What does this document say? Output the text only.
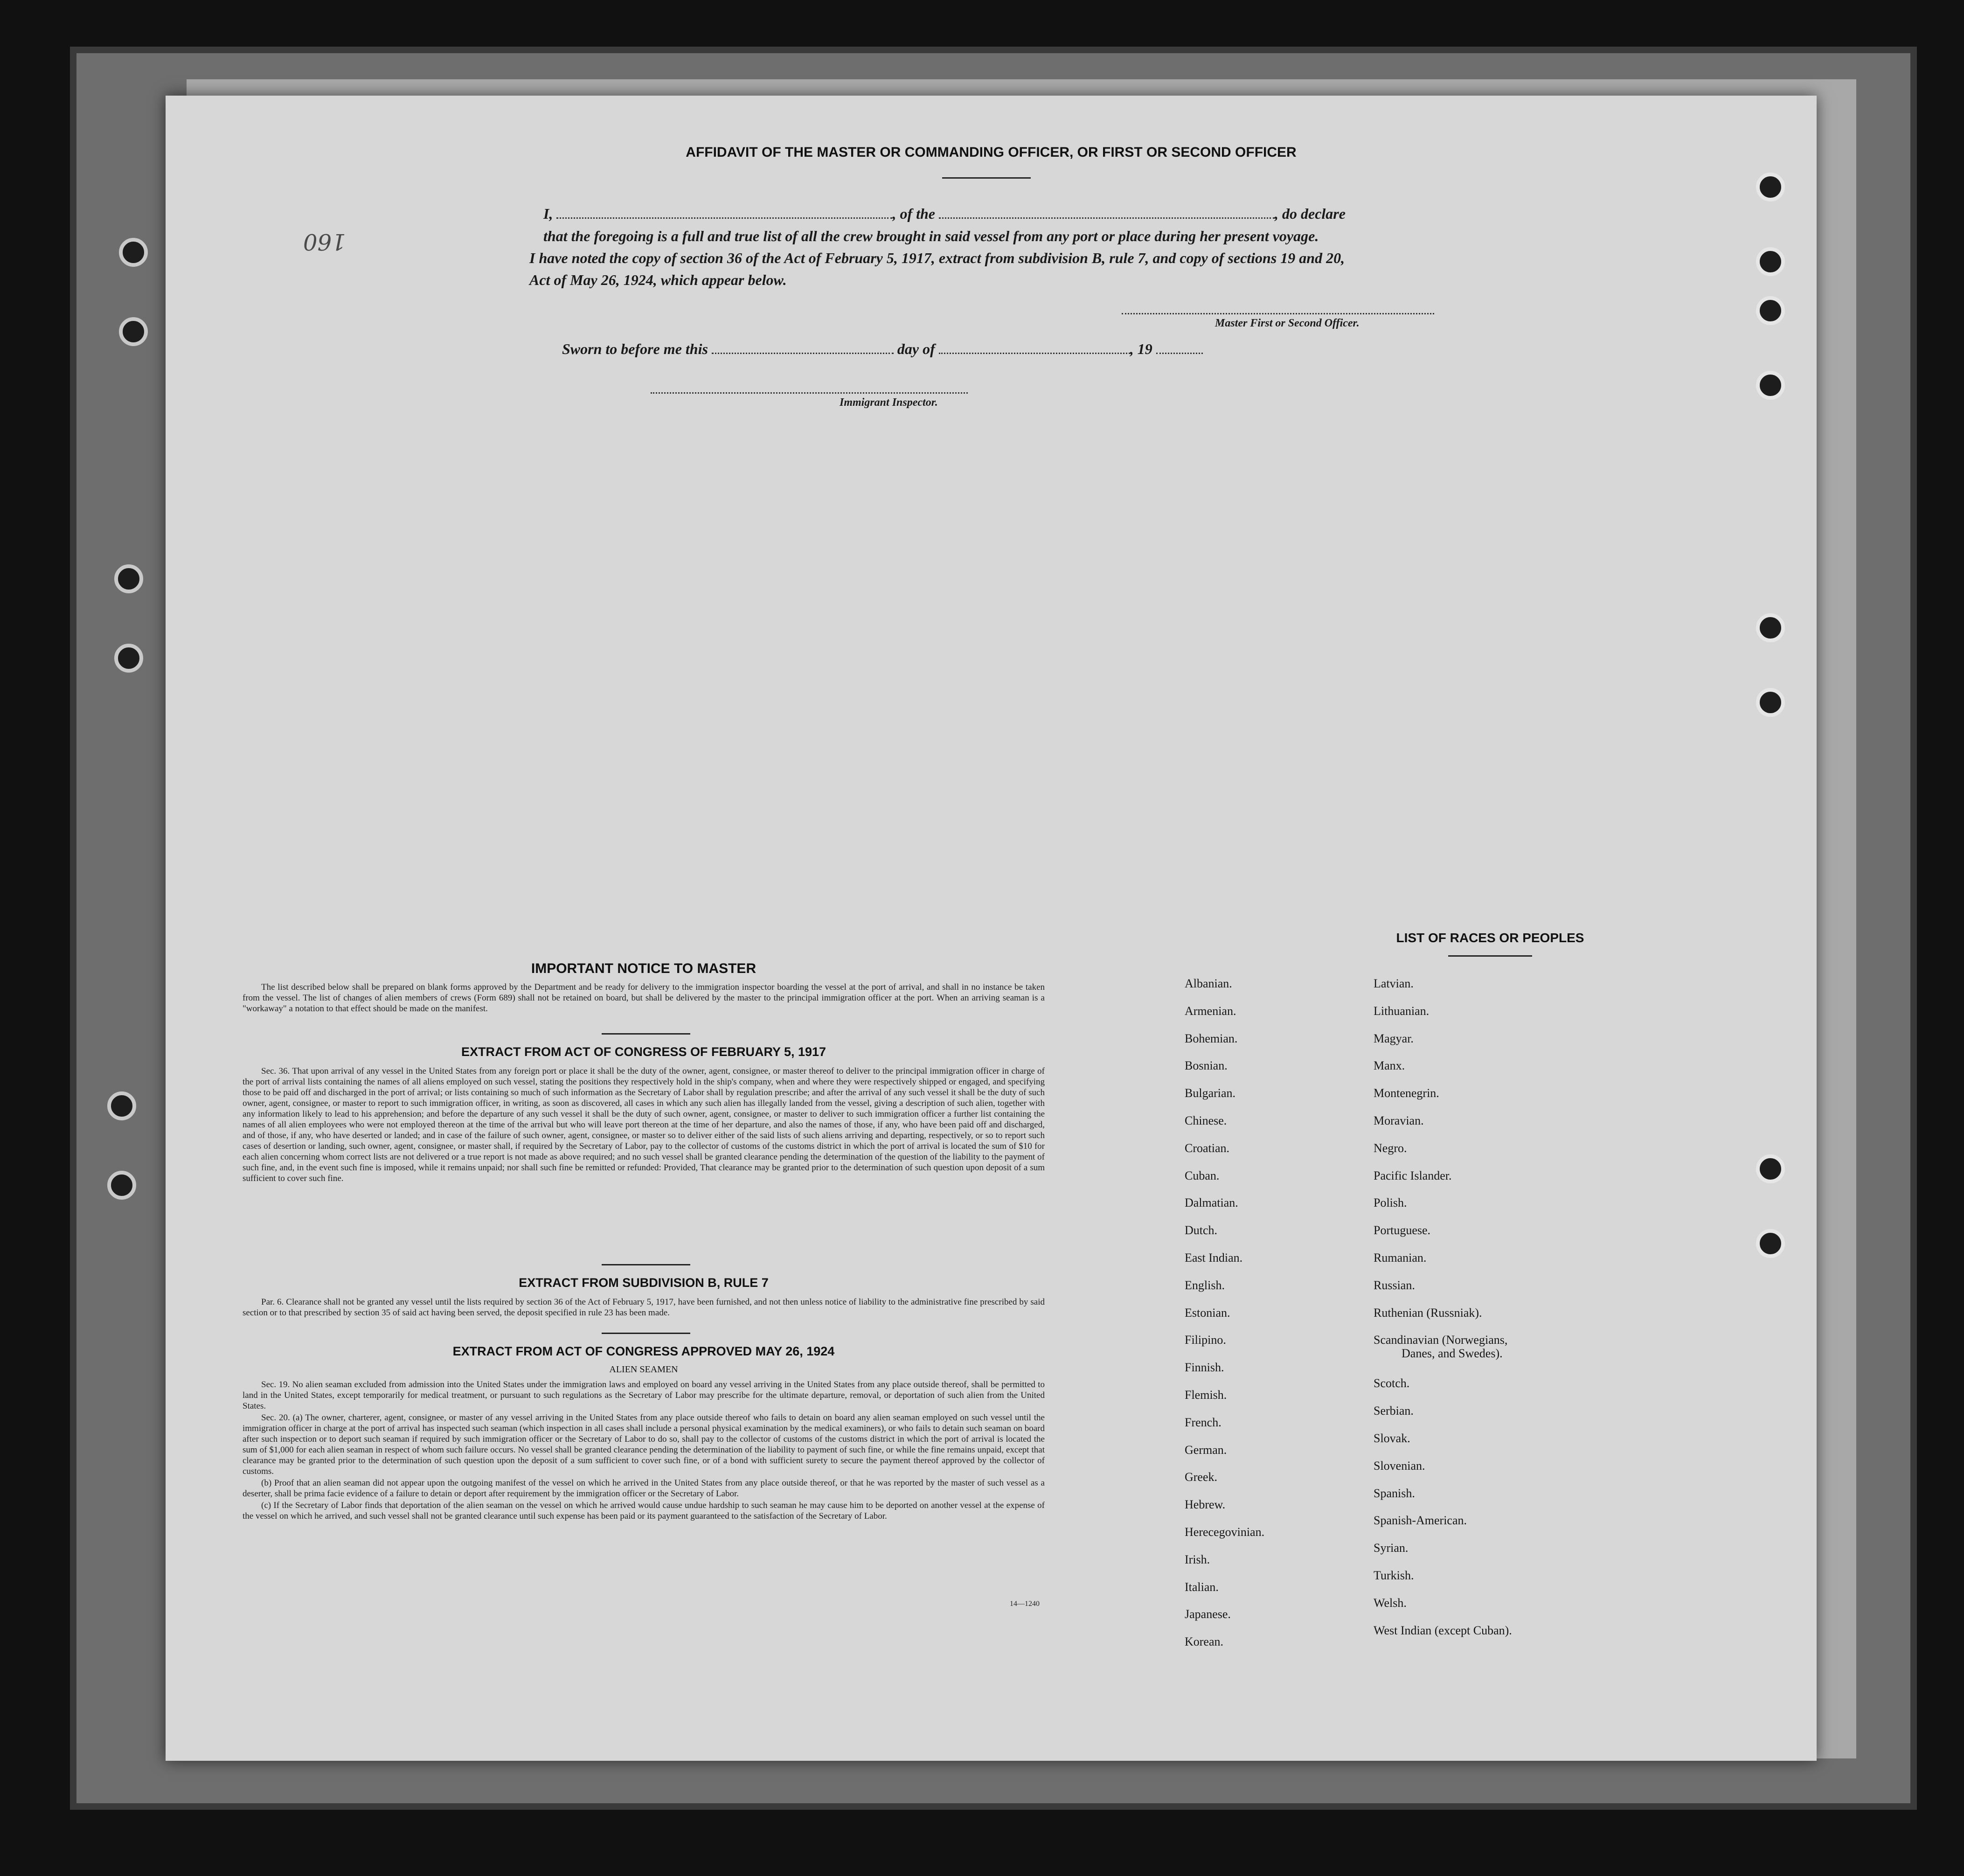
160
AFFIDAVIT OF THE MASTER OR COMMANDING OFFICER, OR FIRST OR SECOND OFFICER
I,	, of the	, do declare
that the foregoing is a full and true list of all the crew brought in said vessel from any port or place during her present voyage.
I have noted the copy of section 36 of the Act of February 5, 1917, extract from subdivision B, rule 7, and copy of sections 19 and 20,
Act of May 26, 1924, which appear below.
Master First or Second Officer.
Sworn to before me this	day of	, 19
Immigrant Inspector.
IMPORTANT NOTICE TO MASTER

The list described below shall be prepared on blank forms approved by the Department and be ready for delivery to the immigration inspector boarding the vessel at the port of arrival, and shall in no instance be taken from the vessel. The list of changes of alien members of crews (Form 689) shall not be retained on board, but shall be delivered by the master to the principal immigration officer at the port. When an arriving seaman is a "workaway" a notation to that effect should be made on the manifest.

EXTRACT FROM ACT OF CONGRESS OF FEBRUARY 5, 1917

Sec. 36. That upon arrival of any vessel in the United States from any foreign port or place it shall be the duty of the owner, agent, consignee, or master thereof to deliver to the principal immigration officer in charge of the port of arrival lists containing the names of all aliens employed on such vessel, stating the positions they respectively hold in the ship's company, when and where they were respectively shipped or engaged, and specifying those to be paid off and discharged in the port of arrival; or lists containing so much of such information as the Secretary of Labor shall by regulation prescribe; and after the arrival of any such vessel it shall be the duty of such owner, agent, consignee, or master to report to such immigration officer, in writing, as soon as discovered, all cases in which any such alien has illegally landed from the vessel, giving a description of such alien, together with any information likely to lead to his apprehension; and before the departure of any such vessel it shall be the duty of such owner, agent, consignee, or master to deliver to such immigration officer a further list containing the names of all alien employees who were not employed thereon at the time of the arrival but who will leave port thereon at the time of her departure, and also the names of those, if any, who have been paid off and discharged, and of those, if any, who have deserted or landed; and in case of the failure of such owner, agent, consignee, or master so to deliver either of the said lists of such aliens arriving and departing, respectively, or so to report such cases of desertion or landing, such owner, agent, consignee, or master shall, if required by the Secretary of Labor, pay to the collector of customs of the customs district in which the port of arrival is located the sum of $10 for each alien concerning whom correct lists are not delivered or a true report is not made as above required; and no such vessel shall be granted clearance pending the determination of the question of the liability to the payment of such fine, and, in the event such fine is imposed, while it remains unpaid; nor shall such fine be remitted or refunded: Provided, That clearance may be granted prior to the determination of such question upon deposit of a sum sufficient to cover such fine.

EXTRACT FROM SUBDIVISION B, RULE 7

Par. 6. Clearance shall not be granted any vessel until the lists required by section 36 of the Act of February 5, 1917, have been furnished, and not then unless notice of liability to the administrative fine prescribed by said section or to that prescribed by section 35 of said act having been served, the deposit specified in rule 23 has been made.

EXTRACT FROM ACT OF CONGRESS APPROVED MAY 26, 1924
ALIEN SEAMEN

Sec. 19. No alien seaman excluded from admission into the United States under the immigration laws and employed on board any vessel arriving in the United States from any place outside thereof, shall be permitted to land in the United States, except temporarily for medical treatment, or pursuant to such regulations as the Secretary of Labor may prescribe for the ultimate departure, removal, or deportation of such alien from the United States.

Sec. 20. (a) The owner, charterer, agent, consignee, or master of any vessel arriving in the United States from any place outside thereof who fails to detain on board any alien seaman employed on such vessel until the immigration officer in charge at the port of arrival has inspected such seaman (which inspection in all cases shall include a personal physical examination by the medical examiners), or who fails to detain such seaman on board after such inspection or to deport such seaman if required by such immigration officer or the Secretary of Labor to do so, shall pay to the collector of customs of the customs district in which the port of arrival is located the sum of $1,000 for each alien seaman in respect of whom such failure occurs. No vessel shall be granted clearance pending the determination of the liability to payment of such fine, or while the fine remains unpaid, except that clearance may be granted prior to the determination of such question upon the deposit of a sum sufficient to cover such fine, or of a bond with sufficient surety to secure the payment thereof approved by the collector of customs.

(b) Proof that an alien seaman did not appear upon the outgoing manifest of the vessel on which he arrived in the United States from any place outside thereof, or that he was reported by the master of such vessel as a deserter, shall be prima facie evidence of a failure to detain or deport after requirement by the immigration officer or the Secretary of Labor.

(c) If the Secretary of Labor finds that deportation of the alien seaman on the vessel on which he arrived would cause undue hardship to such seaman he may cause him to be deported on another vessel at the expense of the vessel on which he arrived, and such vessel shall not be granted clearance until such expense has been paid or its payment guaranteed to the satisfaction of the Secretary of Labor.

14—1240
LIST OF RACES OR PEOPLES
Albanian.
Armenian.
Bohemian.
Bosnian.
Bulgarian.
Chinese.
Croatian.
Cuban.
Dalmatian.
Dutch.
East Indian.
English.
Estonian.
Filipino.
Finnish.
Flemish.
French.
German.
Greek.
Hebrew.
Herecegovinian.
Irish.
Italian.
Japanese.
Korean.
Latvian.
Lithuanian.
Magyar.
Manx.
Montenegrin.
Moravian.
Negro.
Pacific Islander.
Polish.
Portuguese.
Rumanian.
Russian.
Ruthenian (Russniak).
Scandinavian (Norwegians,
Danes, and Swedes).
Scotch.
Serbian.
Slovak.
Slovenian.
Spanish.
Spanish-American.
Syrian.
Turkish.
Welsh.
West Indian (except Cuban).
